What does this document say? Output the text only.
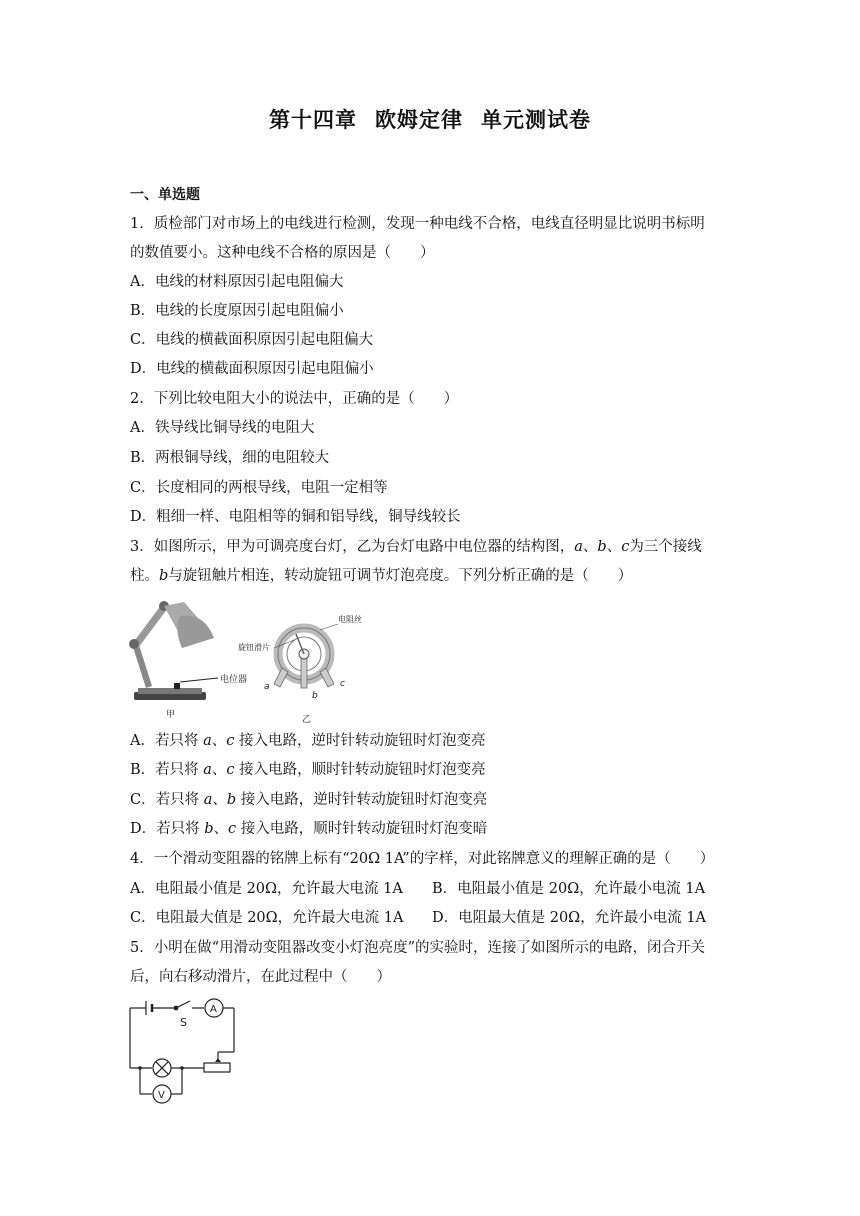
第十四章 欧姆定律 单元测试卷
一、单选题
1．质检部门对市场上的电线进行检测，发现一种电线不合格，电线直径明显比说明书标明
的数值要小。这种电线不合格的原因是（　　）
A．电线的材料原因引起电阻偏大
B．电线的长度原因引起电阻偏小
C．电线的横截面积原因引起电阻偏大
D．电线的横截面积原因引起电阻偏小
2．下列比较电阻大小的说法中，正确的是（　　）
A．铁导线比铜导线的电阻大
B．两根铜导线，细的电阻较大
C．长度相同的两根导线，电阻一定相等
D．粗细一样、电阻相等的铜和铝导线，铜导线较长
3．如图所示，甲为可调亮度台灯，乙为台灯电路中电位器的结构图，a、b、c为三个接线
柱。b与旋钮触片相连，转动旋钮可调节灯泡亮度。下列分析正确的是（　　）
电位器
甲
旋钮滑片
电阻丝
a
b
c
乙
A．若只将 a、c 接入电路，逆时针转动旋钮时灯泡变亮
B．若只将 a、c 接入电路，顺时针转动旋钮时灯泡变亮
C．若只将 a、b 接入电路，逆时针转动旋钮时灯泡变亮
D．若只将 b、c 接入电路，顺时针转动旋钮时灯泡变暗
4．一个滑动变阻器的铭牌上标有“20Ω 1A”的字样，对此铭牌意义的理解正确的是（　　）
A．电阻最小值是 20Ω，允许最大电流 1A B．电阻最小值是 20Ω，允许最小电流 1A
C．电阻最大值是 20Ω，允许最大电流 1A D．电阻最大值是 20Ω，允许最小电流 1A
5．小明在做“用滑动变阻器改变小灯泡亮度”的实验时，连接了如图所示的电路，闭合开关
后，向右移动滑片，在此过程中（　　）
S
A
V
